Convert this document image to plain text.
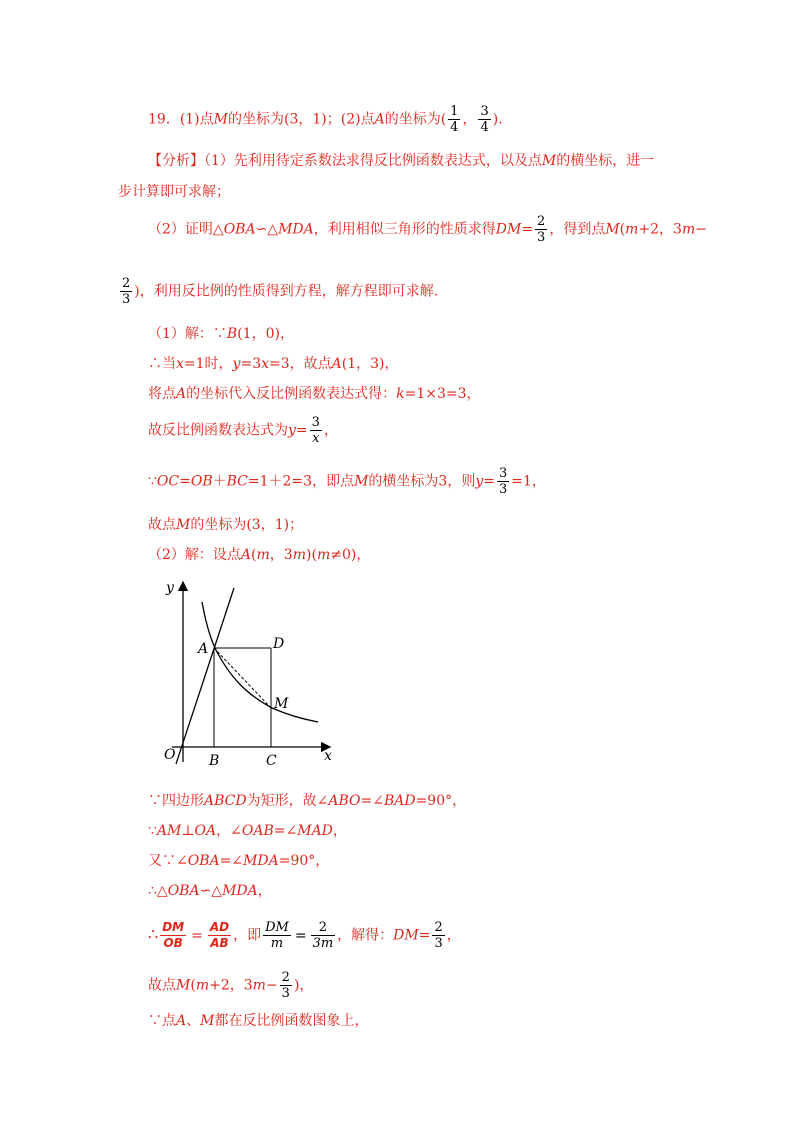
19．(1)点M的坐标为(3，1)；(2)点A的坐标为( $\frac{1}{4}$ ， $\frac{3}{4}$ ).
【分析】（1）先利用待定系数法求得反比例函数表达式，以及点M的横坐标，进一
步计算即可求解；
（2）证明△OBA∽△MDA，利用相似三角形的性质求得$DM= \frac{2}{3}$ ，得到点M(m+2，3m−
$\frac{2}{3}$ )，利用反比例的性质得到方程，解方程即可求解.
（1）解：∵B(1，0)，
∴当x=1时，y=3x=3，故点A(1，3)，
将点A的坐标代入反比例函数表达式得：k=1×3=3，
故反比例函数表达式为$y= \frac{3}{x}$ ，
∵OC=OB＋BC=1＋2=3，即点M的横坐标为3，则$y= \frac{3}{3} =1$，
故点M的坐标为(3，1)；
（2）解：设点A(m，3m)(m≠0)，
y
x
O
A
B	C
D
M
∵四边形ABCD为矩形，故∠ABO=∠BAD=90°，
∵AM⊥OA，∠OAB=∠MAD，
又∵∠OBA=∠MDA=90°，
∴△OBA∽△MDA，
∴ $\frac{DM}{OB} = \frac{AD}{AB}$ ，即 $\frac{DM}{m} = \frac{2}{3m}$ ，解得：$DM= \frac{2}{3}$ ，
故点M(m+2，$3m- \frac{2}{3}$ )，
∵点A、M都在反比例函数图象上，
